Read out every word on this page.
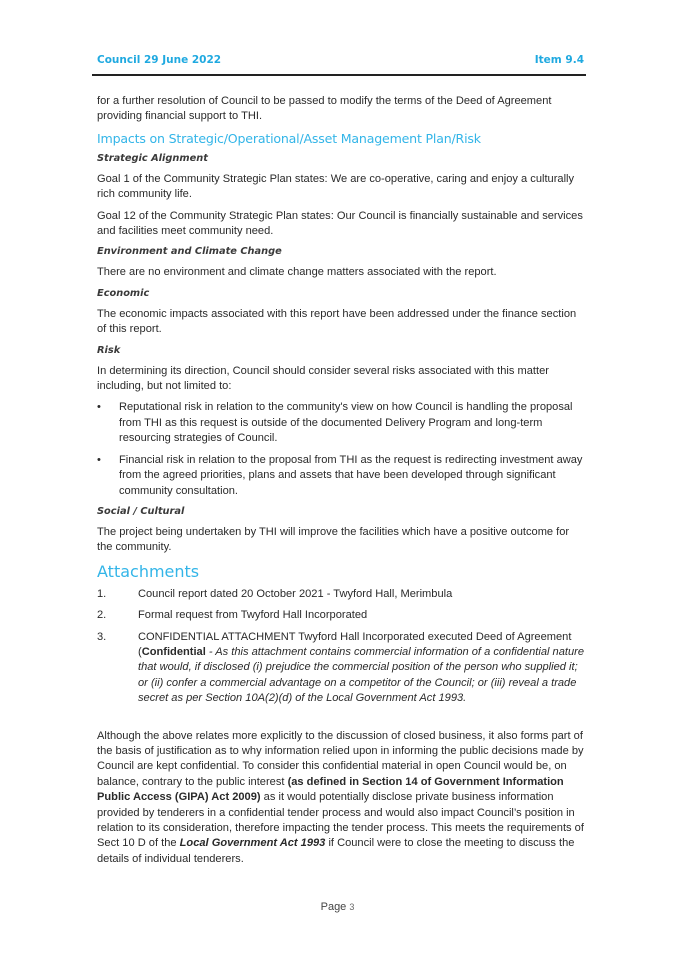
Council 29 June 2022	Item 9.4

for a further resolution of Council to be passed to modify the terms of the Deed of Agreement providing financial support to THI.

Impacts on Strategic/Operational/Asset Management Plan/Risk
Strategic Alignment

Goal 1 of the Community Strategic Plan states: We are co-operative, caring and enjoy a culturally rich community life.

Goal 12 of the Community Strategic Plan states: Our Council is financially sustainable and services and facilities meet community need.

Environment and Climate Change

There are no environment and climate change matters associated with the report.

Economic

The economic impacts associated with this report have been addressed under the finance section of this report.

Risk

In determining its direction, Council should consider several risks associated with this matter including, but not limited to:

• Reputational risk in relation to the community's view on how Council is handling the proposal from THI as this request is outside of the documented Delivery Program and long-term resourcing strategies of Council.
• Financial risk in relation to the proposal from THI as the request is redirecting investment away from the agreed priorities, plans and assets that have been developed through significant community consultation.
Social / Cultural

The project being undertaken by THI will improve the facilities which have a positive outcome for the community.

Attachments
1.	Council report dated 20 October 2021 - Twyford Hall, Merimbula
2.	Formal request from Twyford Hall Incorporated
3.	CONFIDENTIAL ATTACHMENT Twyford Hall Incorporated executed Deed of Agreement
(Confidential - As this attachment contains commercial information of a confidential nature that would, if disclosed (i) prejudice the commercial position of the person who supplied it; or (ii) confer a commercial advantage on a competitor of the Council; or (iii) reveal a trade secret as per Section 10A(2)(d) of the Local Government Act 1993.

Although the above relates more explicitly to the discussion of closed business, it also forms part of the basis of justification as to why information relied upon in informing the public decisions made by Council are kept confidential. To consider this confidential material in open Council would be, on balance, contrary to the public interest (as defined in Section 14 of Government Information Public Access (GIPA) Act 2009) as it would potentially disclose private business information provided by tenderers in a confidential tender process and would also impact Council’s position in relation to its consideration, therefore impacting the tender process. This meets the requirements of Sect 10 D of the Local Government Act 1993 if Council were to close the meeting to discuss the details of individual tenderers.

Page 3
